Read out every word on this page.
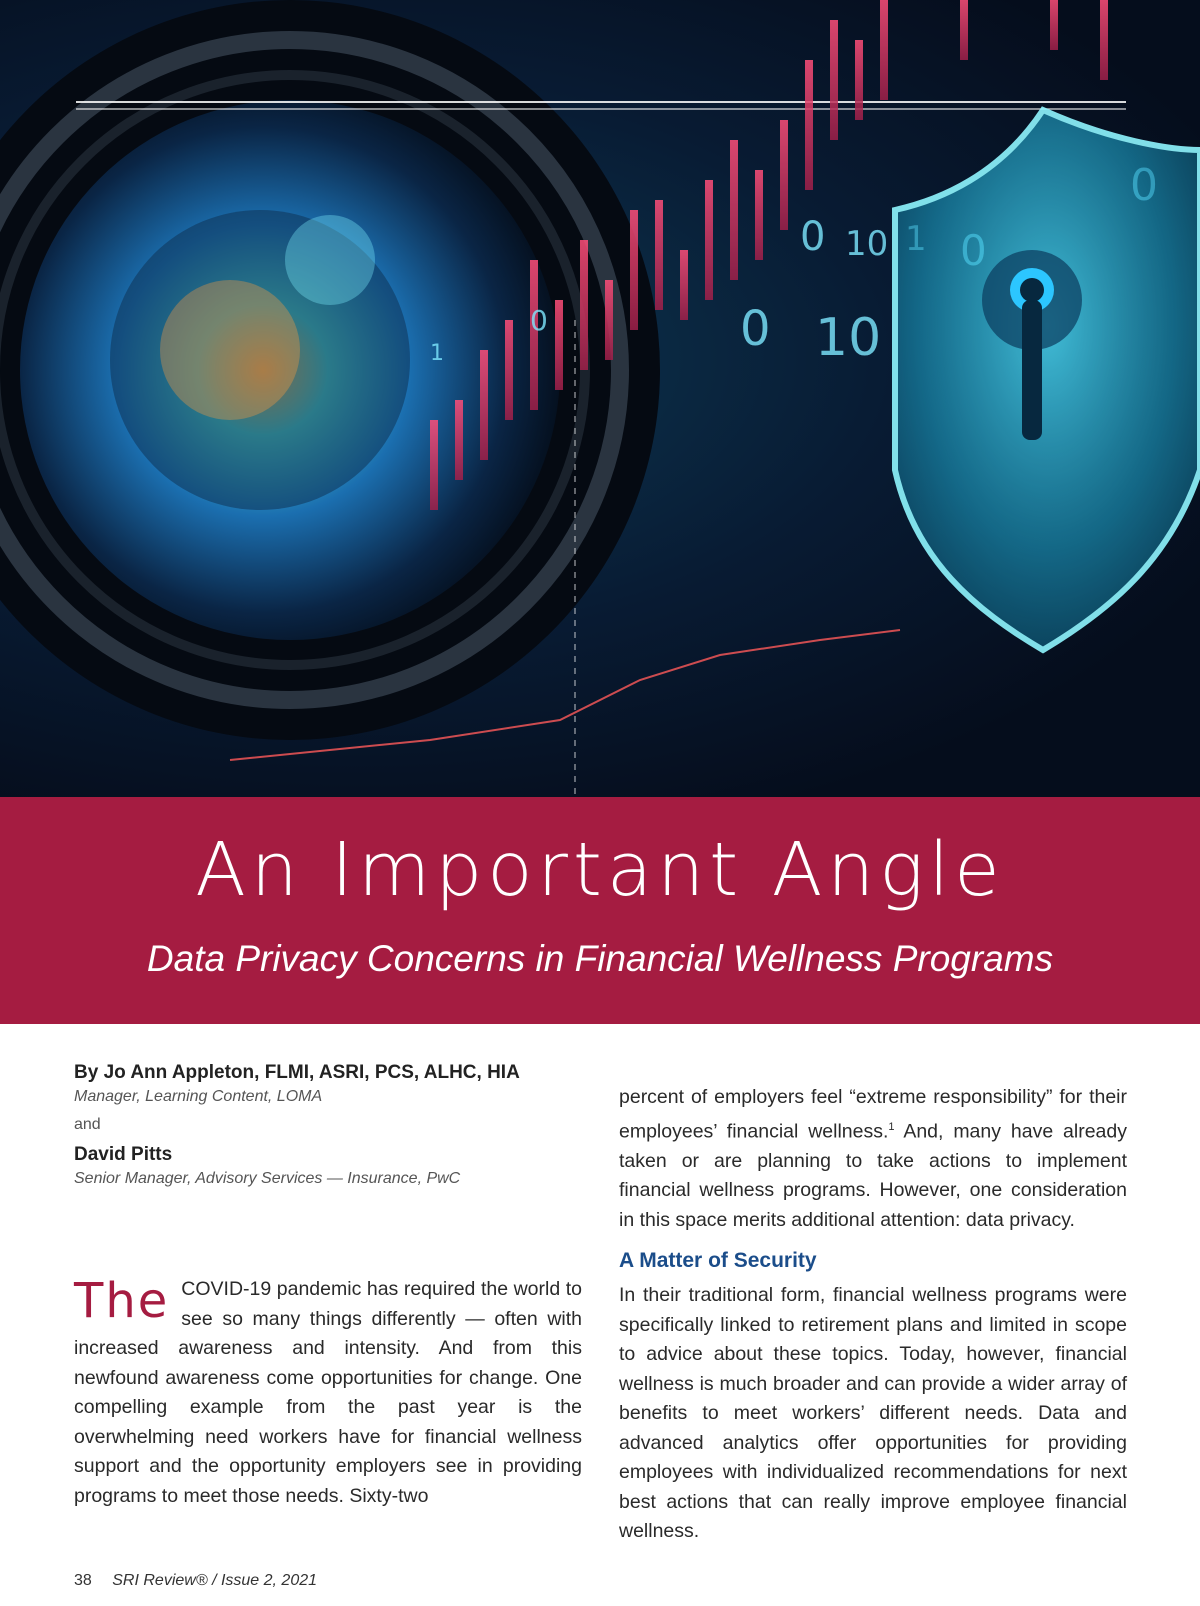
0 10
0 10
0
1
An Important Angle

Data Privacy Concerns in Financial Wellness Programs

By Jo Ann Appleton, FLMI, ASRI, PCS, ALHC, HIA

Manager, Learning Content, LOMA

and

David Pitts

Senior Manager, Advisory Services — Insurance, PwC

The COVID-19 pandemic has required the world to see so many things differently — often with increased awareness and intensity. And from this newfound awareness come opportunities for change. One compelling example from the past year is the overwhelming need workers have for financial wellness support and the opportunity employers see in providing programs to meet those needs. Sixty-two

percent of employers feel “extreme responsibility” for their employees’ financial wellness.$^1$ And, many have already taken or are planning to take actions to implement financial wellness programs. However, one consideration in this space merits additional attention: data privacy.

A Matter of Security

In their traditional form, financial wellness programs were specifically linked to retirement plans and limited in scope to advice about these topics. Today, however, financial wellness is much broader and can provide a wider array of benefits to meet workers’ different needs. Data and advanced analytics offer opportunities for providing employees with individualized recommendations for next best actions that can really improve employee financial wellness.

38 SRI Review® / Issue 2, 2021
